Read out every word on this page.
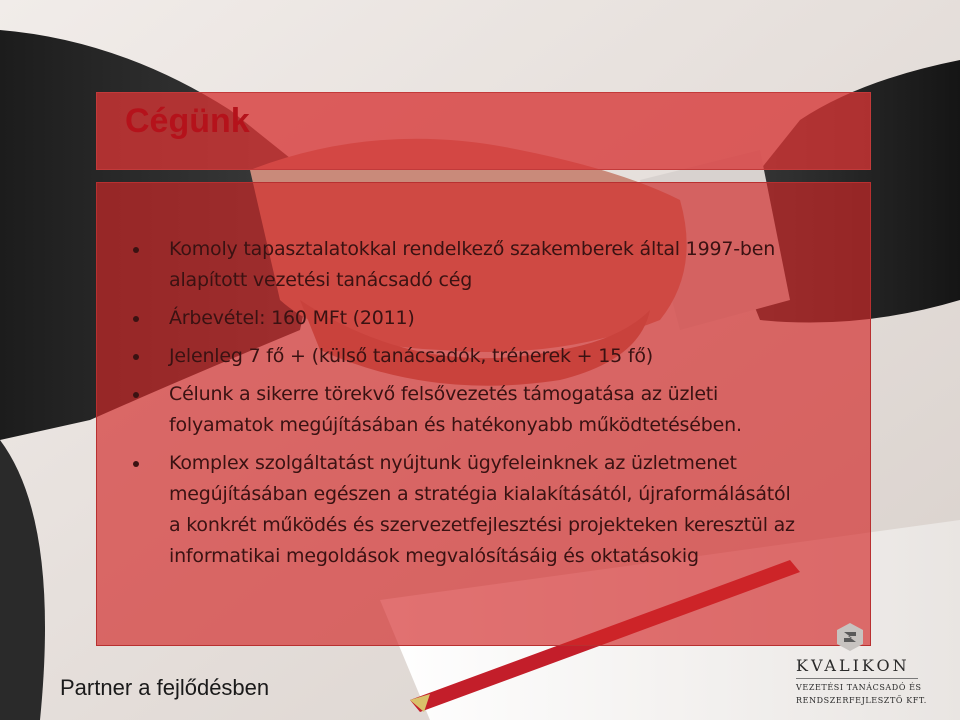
Cégünk
Komoly tapasztalatokkal rendelkező szakemberek által 1997-ben alapított vezetési tanácsadó cég
Árbevétel: 160 MFt (2011)
Jelenleg 7 fő + (külső tanácsadók, trénerek + 15 fő)
Célunk a sikerre törekvő felsővezetés támogatása az üzleti folyamatok megújításában és hatékonyabb működtetésében.
Komplex szolgáltatást nyújtunk ügyfeleinknek az üzletmenet megújításában egészen a stratégia kialakításától, újraformálásától a konkrét működés és szervezetfejlesztési projekteken keresztül az informatikai megoldások megvalósításáig és oktatásokig

Partner a fejlődésben

KVALIKON
VEZETÉSI TANÁCSADÓ ÉS
RENDSZERFEJLESZTŐ KFT.
